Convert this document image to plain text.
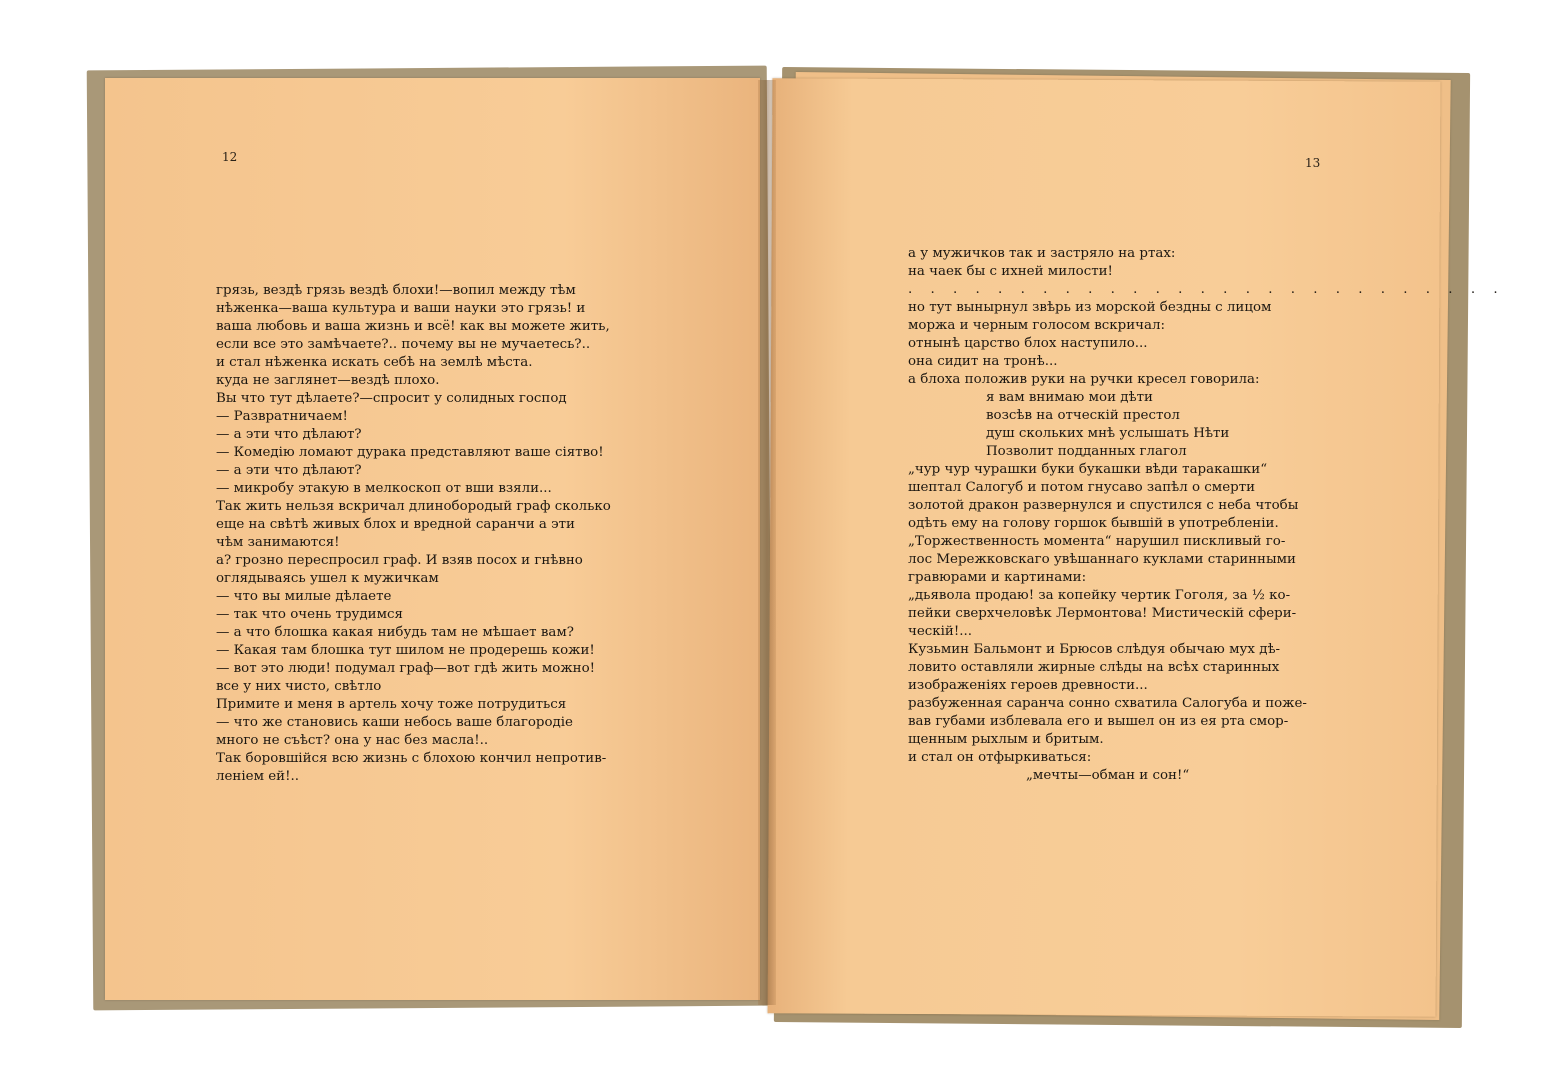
12	13
грязь, вездѣ грязь вездѣ блохи!—вопил между тѣм
нѣженка—ваша культура и ваши науки это грязь! и
ваша любовь и ваша жизнь и всё! как вы можете жить,
если все это замѣчаете?.. почему вы не мучаетесь?..
и стал нѣженка искать себѣ на землѣ мѣста.
куда не заглянет—вездѣ плохо.
Вы что тут дѣлаете?—спросит у солидных господ
— Развратничаем!
— а эти что дѣлают?
— Комедію ломают дурака представляют ваше сіятво!
— а эти что дѣлают?
— микробу этакую в мелкоскоп от вши взяли...
Так жить нельзя вскричал длинобородый граф сколько
еще на свѣтѣ живых блох и вредной саранчи а эти
чѣм занимаются!
а? грозно переспросил граф. И взяв посох и гнѣвно
оглядываясь ушел к мужичкам
— что вы милые дѣлаете
— так что очень трудимся
— а что блошка какая нибудь там не мѣшает вам?
— Какая там блошка тут шилом не продерешь кожи!
— вот это люди! подумал граф—вот гдѣ жить можно!
все у них чисто, свѣтло
Примите и меня в артель хочу тоже потрудиться
— что же становись каши небось ваше благородіе
много не съѣст? она у нас без масла!..
Так боровшійся всю жизнь с блохою кончил непротив-
леніем ей!..
а у мужичков так и застряло на ртах:
на чаек бы с ихней милости!
. . . . . . . . . . . . . . . . . . . . . . . . . . .
но тут вынырнул звѣрь из морской бездны с лицом
моржа и черным голосом вскричал:
отнынѣ царство блох наступило...
она сидит на тронѣ...
а блоха положив руки на ручки кресел говорила:
я вам внимаю мои дѣти
возсѣв на отческій престол
душ скольких мнѣ услышать Нѣти
Позволит подданных глагол
„чур чур чурашки буки букашки вѣди таракашки“
шептал Салогуб и потом гнусаво запѣл о смерти
золотой дракон развернулся и спустился с неба чтобы
одѣть ему на голову горшок бывшій в употребленіи.
„Торжественность момента“ нарушил пискливый го-
лос Мережковскаго увѣшаннаго куклами старинными
гравюрами и картинами:
„дьявола продаю! за копейку чертик Гоголя, за ½ ко-
пейки сверхчеловѣк Лермонтова! Мистическій сфери-
ческій!...
Кузьмин Бальмонт и Брюсов слѣдуя обычаю мух дѣ-
ловито оставляли жирные слѣды на всѣх старинных
изображеніях героев древности...
разбуженная саранча сонно схватила Салогуба и поже-
вав губами изблевала его и вышел он из ея рта смор-
щенным рыхлым и бритым.
и стал он отфыркиваться:
„мечты—обман и сон!“
